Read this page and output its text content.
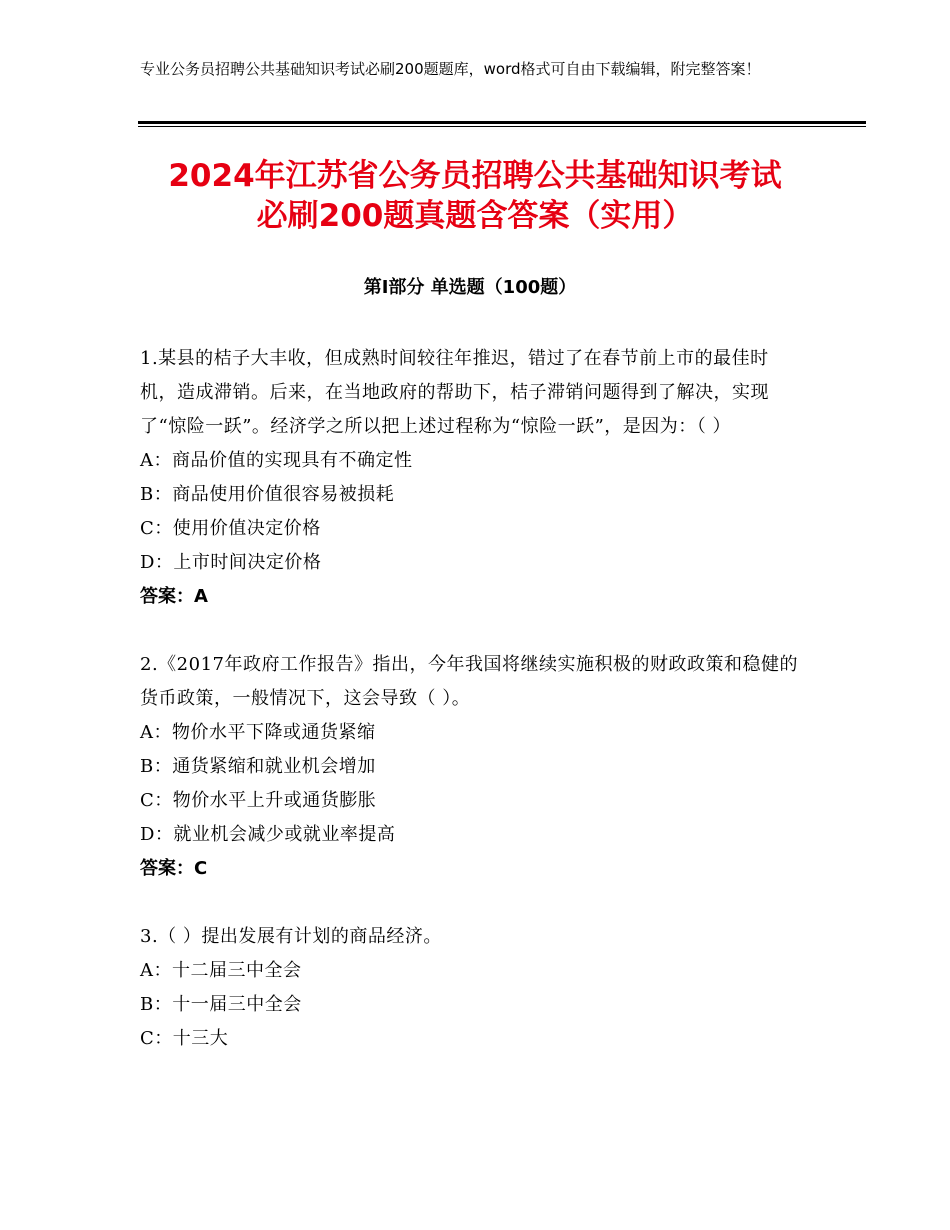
专业公务员招聘公共基础知识考试必刷200题题库，word格式可自由下载编辑，附完整答案！
2024年江苏省公务员招聘公共基础知识考试
必刷200题真题含答案（实用）
第Ⅰ部分 单选题（100题）
1.某县的桔子大丰收，但成熟时间较往年推迟，错过了在春节前上市的最佳时机，造成滞销。后来，在当地政府的帮助下，桔子滞销问题得到了解决，实现了“惊险一跃”。经济学之所以把上述过程称为“惊险一跃”，是因为：（ ）
A：商品价值的实现具有不确定性
B：商品使用价值很容易被损耗
C：使用价值决定价格
D：上市时间决定价格
答案：A
2.《2017年政府工作报告》指出，今年我国将继续实施积极的财政政策和稳健的货币政策，一般情况下，这会导致（ ）。
A：物价水平下降或通货紧缩
B：通货紧缩和就业机会增加
C：物价水平上升或通货膨胀
D：就业机会减少或就业率提高
答案：C
3.（ ）提出发展有计划的商品经济。
A：十二届三中全会
B：十一届三中全会
C：十三大
